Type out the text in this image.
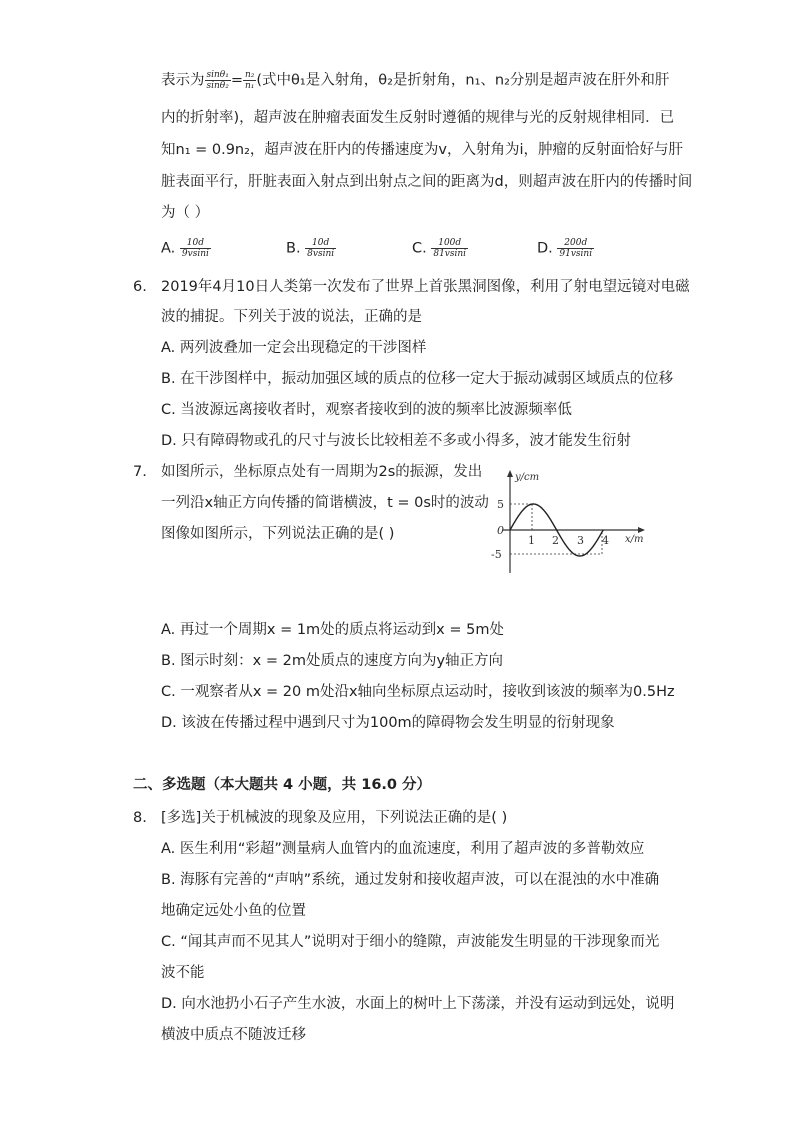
表示为 $\frac{\text{sinθ₁}}{\text{sinθ₂}} = \frac{\text{n₂}}{\text{n₁}}$ (式中θ₁是入射角，θ₂是折射角，n₁、n₂分别是超声波在肝外和肝
内的折射率)，超声波在肿瘤表面发生反射时遵循的规律与光的反射规律相同．已
知n₁ = 0.9n₂，超声波在肝内的传播速度为v，入射角为i，肿瘤的反射面恰好与肝
脏表面平行，肝脏表面入射点到出射点之间的距离为d，则超声波在肝内的传播时间
为（ ）
A. $\frac{10d}{9vsini}$	B. $\frac{10d}{8vsini}$	C. $\frac{100d}{81vsini}$	D. $\frac{200d}{91vsini}$
6. 2019年4月10日人类第一次发布了世界上首张黑洞图像，利用了射电望远镜对电磁
波的捕捉。下列关于波的说法，正确的是
A. 两列波叠加一定会出现稳定的干涉图样
B. 在干涉图样中，振动加强区域的质点的位移一定大于振动减弱区域质点的位移
C. 当波源远离接收者时，观察者接收到的波的频率比波源频率低
D. 只有障碍物或孔的尺寸与波长比较相差不多或小得多，波才能发生衍射
7. 如图所示，坐标原点处有一周期为2s的振源，发出
一列沿x轴正方向传播的简谐横波，t = 0s时的波动
图像如图所示，下列说法正确的是( )
y/cm
x/m
0
5
-5
1 2 3 4
A. 再过一个周期x = 1m处的质点将运动到x = 5m处
B. 图示时刻：x = 2m处质点的速度方向为y轴正方向
C. 一观察者从x = 20 m处沿x轴向坐标原点运动时，接收到该波的频率为0.5Hz
D. 该波在传播过程中遇到尺寸为100m的障碍物会发生明显的衍射现象
二、多选题（本大题共 4 小题，共 16.0 分）
8. [多选]关于机械波的现象及应用，下列说法正确的是( )
A. 医生利用“彩超”测量病人血管内的血流速度，利用了超声波的多普勒效应
B. 海豚有完善的“声呐”系统，通过发射和接收超声波，可以在混浊的水中准确
地确定远处小鱼的位置
C. “闻其声而不见其人”说明对于细小的缝隙，声波能发生明显的干涉现象而光
波不能
D. 向水池扔小石子产生水波，水面上的树叶上下荡漾，并没有运动到远处，说明
横波中质点不随波迁移
